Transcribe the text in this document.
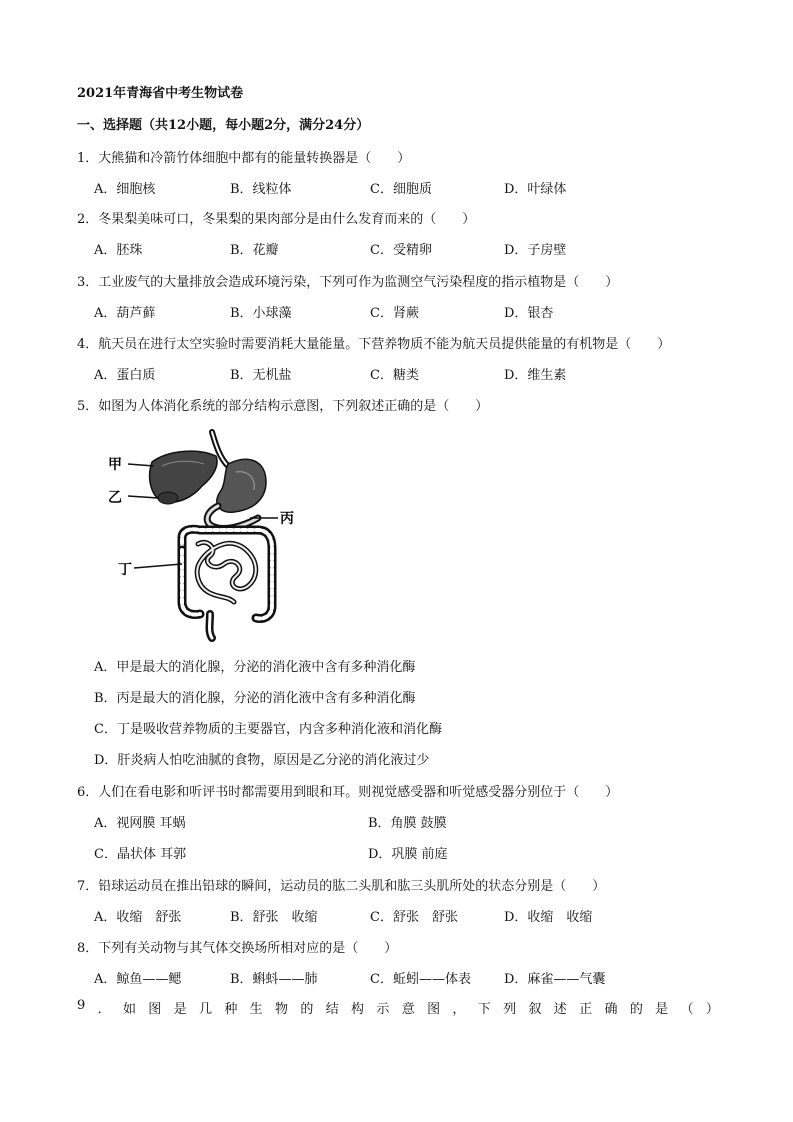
2021年青海省中考生物试卷
一、选择题（共12小题，每小题2分，满分24分）
1．大熊猫和冷箭竹体细胞中都有的能量转换器是（　　）
A．细胞核	B．线粒体	C．细胞质	D．叶绿体
2．冬果梨美味可口，冬果梨的果肉部分是由什么发育而来的（　　）
A．胚珠	B．花瓣	C．受精卵	D．子房壁
3．工业废气的大量排放会造成环境污染，下列可作为监测空气污染程度的指示植物是（　　）
A．葫芦藓	B．小球藻	C．肾蕨	D．银杏
4．航天员在进行太空实验时需要消耗大量能量。下营养物质不能为航天员提供能量的有机物是（　　）
A．蛋白质	B．无机盐	C．糖类	D．维生素
5．如图为人体消化系统的部分结构示意图，下列叙述正确的是（　　）
甲
乙
丙
丁
A．甲是最大的消化腺，分泌的消化液中含有多种消化酶
B．丙是最大的消化腺，分泌的消化液中含有多种消化酶
C．丁是吸收营养物质的主要器官，内含多种消化液和消化酶
D．肝炎病人怕吃油腻的食物，原因是乙分泌的消化液过少
6．人们在看电影和听评书时都需要用到眼和耳。则视觉感受器和听觉感受器分别位于（　　）
A．视网膜 耳蜗	B．角膜 鼓膜
C．晶状体 耳郭	D．巩膜 前庭
7．铅球运动员在推出铅球的瞬间，运动员的肱二头肌和肱三头肌所处的状态分别是（　　）
A．收缩　舒张	B．舒张　收缩	C．舒张　舒张	D．收缩　收缩
8．下列有关动物与其气体交换场所相对应的是（　　）
A．鲸鱼——鳃	B．蝌蚪——肺	C．蚯蚓——体表	D．麻雀——气囊
9 ． 如 图 是 几 种 生 物 的 结 构 示 意 图 ， 下 列 叙 述 正 确 的 是 （ ）
